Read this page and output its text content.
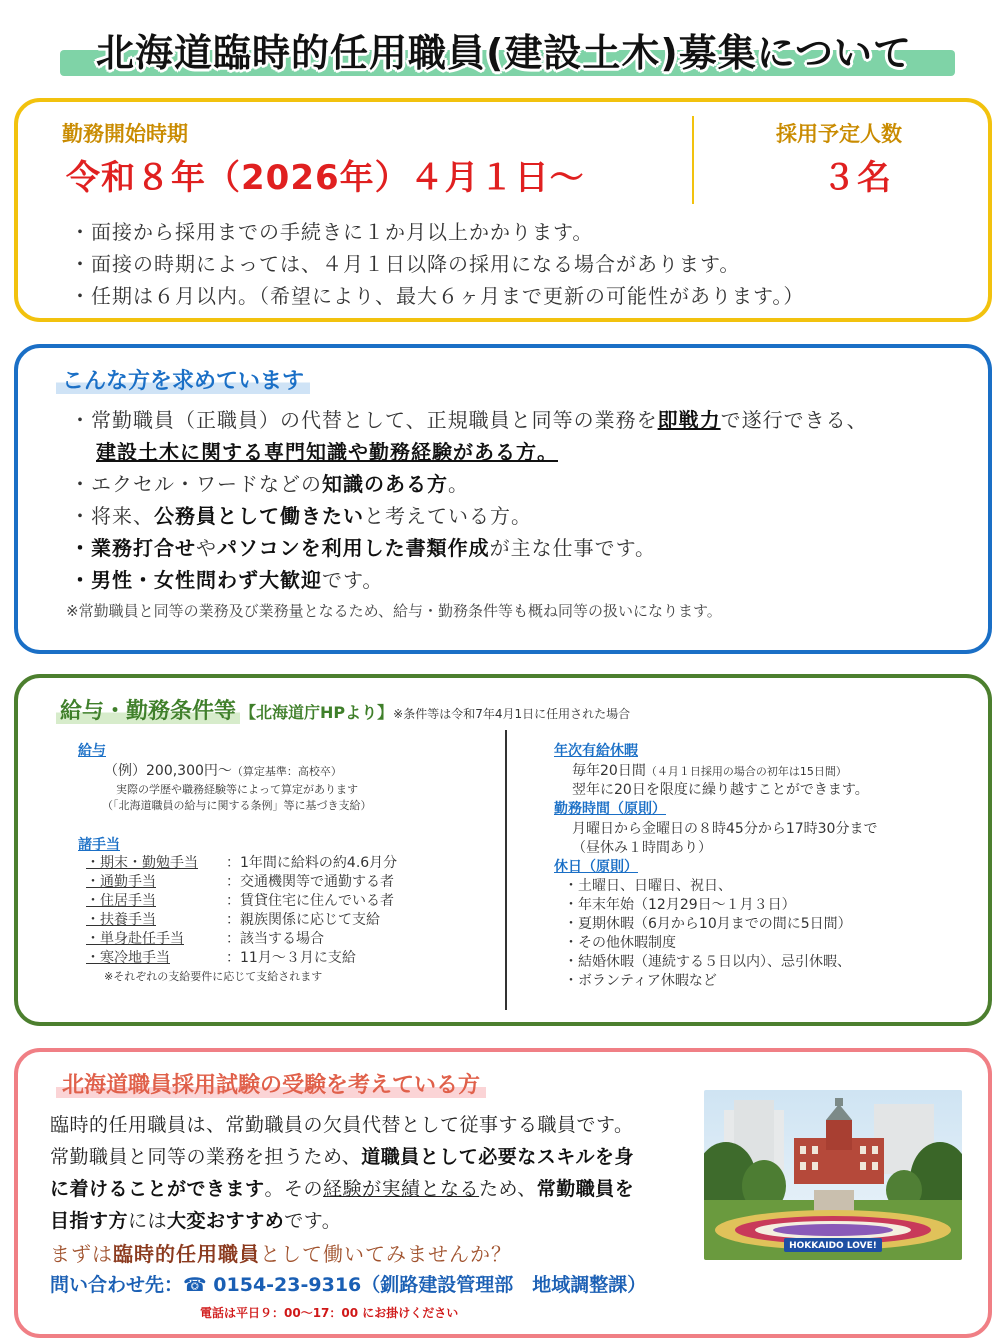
北海道臨時的任用職員(建設土木)募集について
勤務開始時期
令和８年（2026年）４月１日～
採用予定人数
３名
・面接から採用までの手続きに１か月以上かかります。
・面接の時期によっては、４月１日以降の採用になる場合があります。
・任期は６月以内。（希望により、最大６ヶ月まで更新の可能性があります。）
こんな方を求めています
・常勤職員（正職員）の代替として、正規職員と同等の業務を即戦力で遂行できる、
建設土木に関する専門知識や勤務経験がある方。
・エクセル・ワードなどの知識のある方。
・将来、公務員として働きたいと考えている方。
・業務打合せやパソコンを利用した書類作成が主な仕事です。
・男性・女性問わず大歓迎です。
※常勤職員と同等の業務及び業務量となるため、給与・勤務条件等も概ね同等の扱いになります。
給与・勤務条件等 【北海道庁HPより】※条件等は令和7年4月1日に任用された場合
給与
（例）200,300円～（算定基準：高校卒）
実際の学歴や職務経験等によって算定があります
（「北海道職員の給与に関する条例」等に基づき支給）
諸手当
・期末・勤勉手当 ：1年間に給料の約4.6月分
・通勤手当	：交通機関等で通勤する者
・住居手当	：賃貸住宅に住んでいる者
・扶養手当	：親族関係に応じて支給
・単身赴任手当	：該当する場合
・寒冷地手当	：11月～３月に支給
※それぞれの支給要件に応じて支給されます
年次有給休暇
毎年20日間（４月１日採用の場合の初年は15日間）
翌年に20日を限度に繰り越すことができます。
勤務時間（原則）
月曜日から金曜日の８時45分から17時30分まで
（昼休み１時間あり）
休日（原則）
・土曜日、日曜日、祝日、
・年末年始（12月29日～１月３日）
・夏期休暇（6月から10月までの間に5日間）
・その他休暇制度
・結婚休暇（連続する５日以内）、忌引休暇、
・ボランティア休暇など
北海道職員採用試験の受験を考えている方
臨時的任用職員は、常勤職員の欠員代替として従事する職員です。
常勤職員と同等の業務を担うため、道職員として必要なスキルを身
に着けることができます。その経験が実績となるため、常勤職員を
目指す方には大変おすすめです。
まずは臨時的任用職員として働いてみませんか？
問い合わせ先：☎ 0154-23-9316（釧路建設管理部　地域調整課）
電話は平日９：00～17：00 にお掛けください
HOKKAIDO LOVE!
